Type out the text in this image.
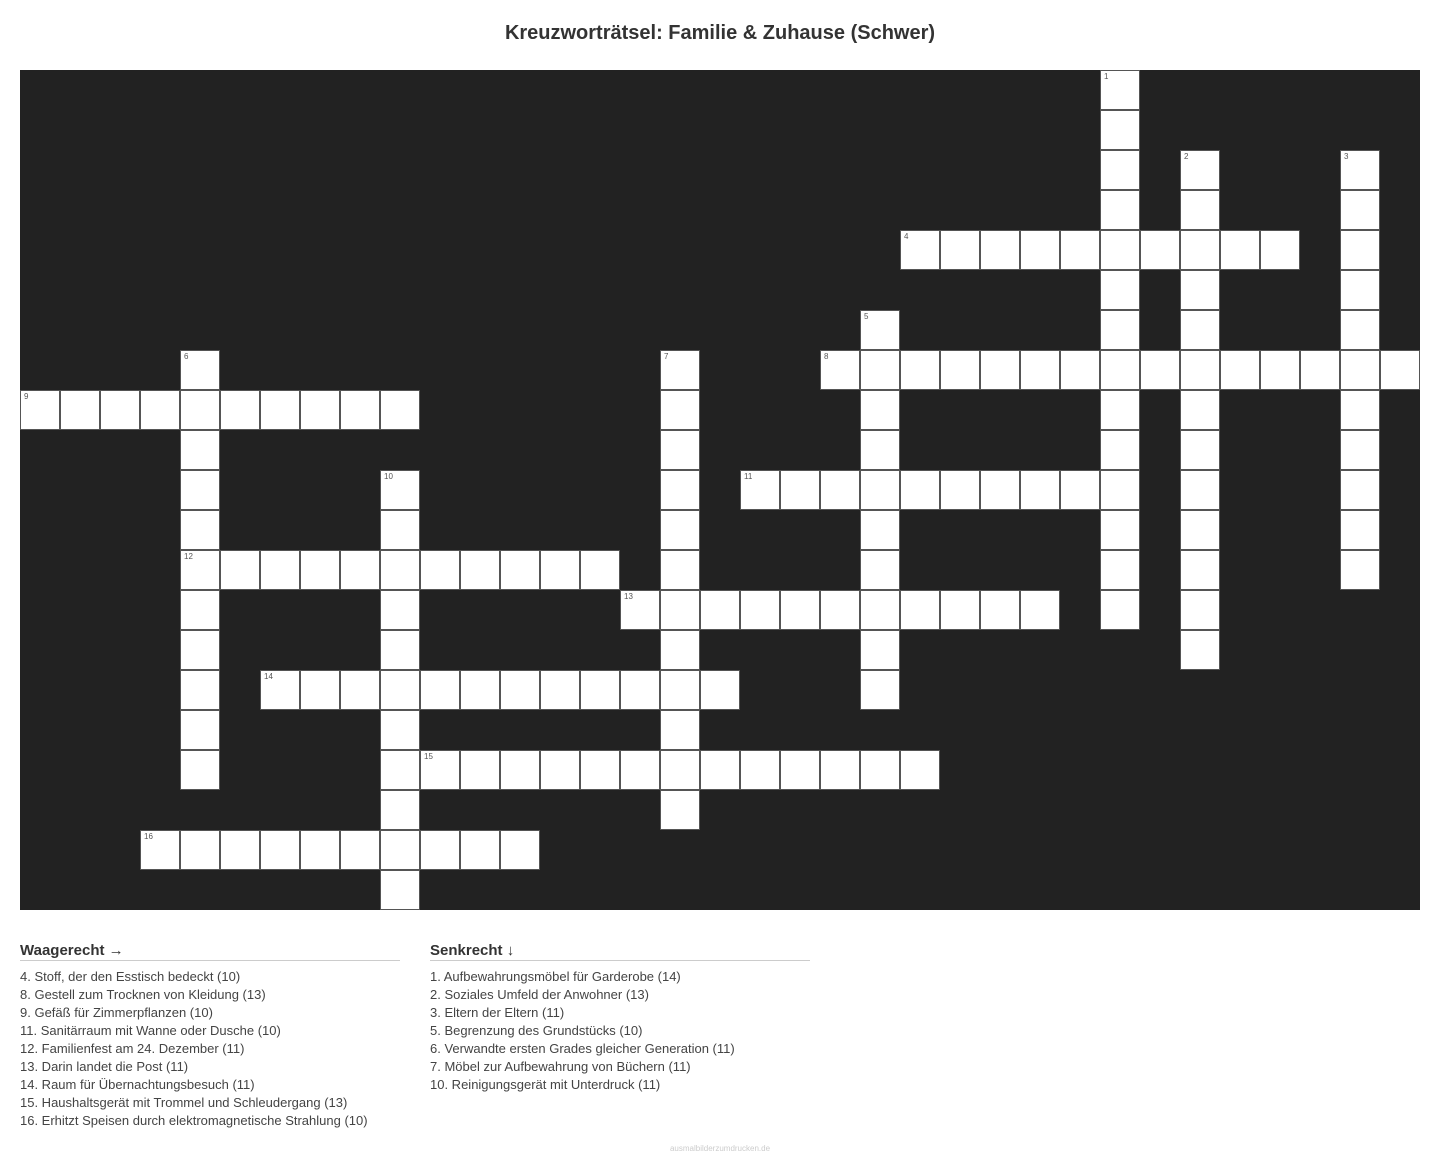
Kreuzworträtsel: Familie & Zuhause (Schwer)
1
2	3
4
5
6
12
7	8
9
10	11
13
14
15
16
Waagerecht →
4. Stoff, der den Esstisch bedeckt (10)
8. Gestell zum Trocknen von Kleidung (13)
9. Gefäß für Zimmerpflanzen (10)
11. Sanitärraum mit Wanne oder Dusche (10)
12. Familienfest am 24. Dezember (11)
13. Darin landet die Post (11)
14. Raum für Übernachtungsbesuch (11)
15. Haushaltsgerät mit Trommel und Schleudergang (13)
16. Erhitzt Speisen durch elektromagnetische Strahlung (10)
Senkrecht ↓
1. Aufbewahrungsmöbel für Garderobe (14)
2. Soziales Umfeld der Anwohner (13)
3. Eltern der Eltern (11)
5. Begrenzung des Grundstücks (10)
6. Verwandte ersten Grades gleicher Generation (11)
7. Möbel zur Aufbewahrung von Büchern (11)
10. Reinigungsgerät mit Unterdruck (11)
ausmalbilderzumdrucken.de
